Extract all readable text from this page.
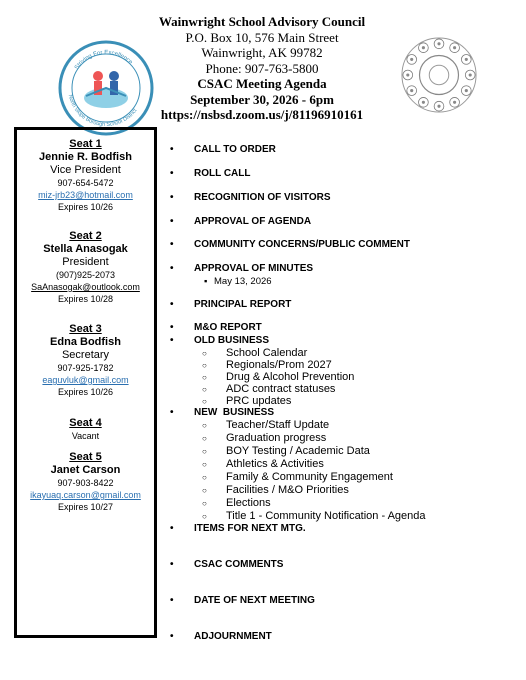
Wainwright School Advisory Council
P.O. Box 10, 576 Main Street
Wainwright, AK 99782
Phone: 907-763-5800
CSAC Meeting Agenda
September 30, 2026 - 6pm
https://nsbsd.zoom.us/j/81196910161
Striving For Excellence
North Slope Borough School District
Seat 1
Jennie R. Bodfish
Vice President
907-654-5472
miz-jrb23@hotmail.com
Expires 10/26
Seat 2
Stella Anasogak
President
(907)925-2073
SaAnasogak@outlook.com
Expires 10/28
Seat 3
Edna Bodfish
Secretary
907-925-1782
eaguvluk@gmail.com
Expires 10/26
Seat 4
Vacant
Seat 5
Janet Carson
907-903-8422
ikayuaq.carson@gmail.com
Expires 10/27
• CALL TO ORDER
• ROLL CALL
• RECOGNITION OF VISITORS
• APPROVAL OF AGENDA
• COMMUNITY CONCERNS/PUBLIC COMMENT
• APPROVAL OF MINUTES
▪ May 13, 2026
• PRINCIPAL REPORT
• M&O REPORT
• OLD BUSINESS
○ School Calendar
○ Regionals/Prom 2027
○ Drug & Alcohol Prevention
○ ADC contract statuses
○ PRC updates
• NEW  BUSINESS
○ Teacher/Staff Update
○ Graduation progress
○ BOY Testing / Academic Data
○ Athletics & Activities
○ Family & Community Engagement
○ Facilities / M&O Priorities
○ Elections
○ Title 1 - Community Notification - Agenda
• ITEMS FOR NEXT MTG.
• CSAC COMMENTS
• DATE OF NEXT MEETING
• ADJOURNMENT
